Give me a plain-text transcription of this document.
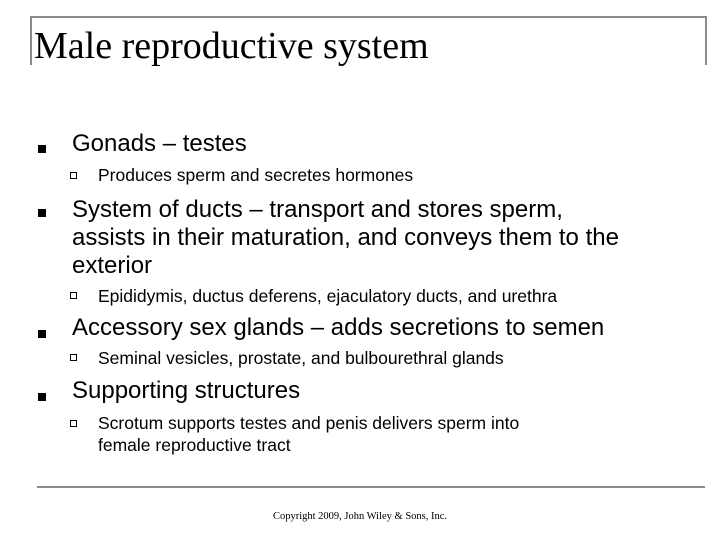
Male reproductive system

Gonads – testes

Produces sperm and secretes hormones

System of ducts – transport and stores sperm,

assists in their maturation, and conveys them to the

exterior

Epididymis, ductus deferens, ejaculatory ducts, and urethra

Accessory sex glands – adds secretions to semen

Seminal vesicles, prostate, and bulbourethral glands

Supporting structures

Scrotum supports testes and penis delivers sperm into

female reproductive tract

Copyright 2009, John Wiley & Sons, Inc.
